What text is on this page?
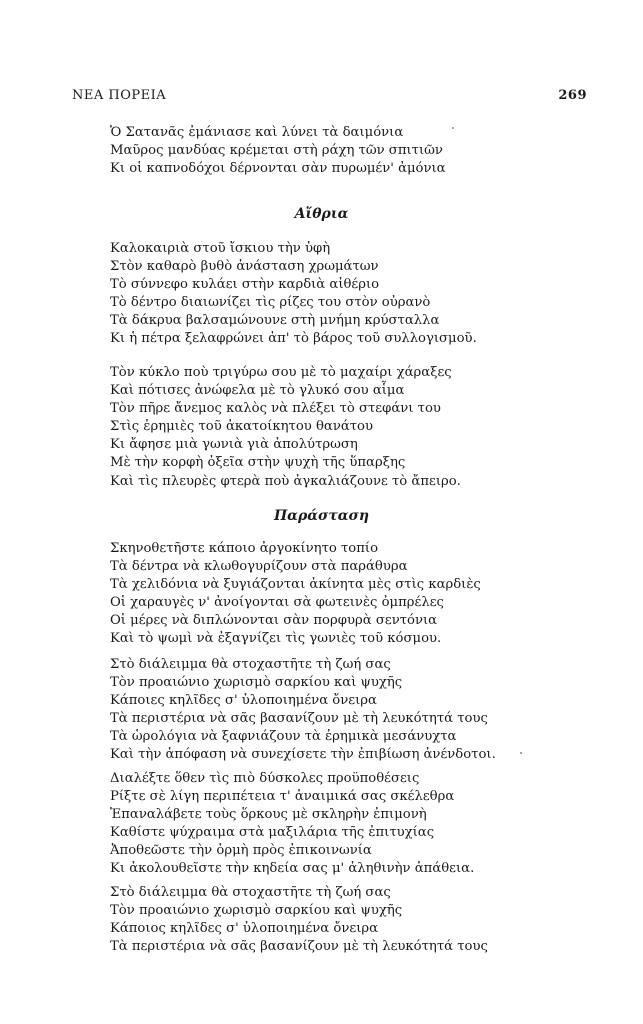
ΝΕΑ ΠΟΡΕΙΑ	269
Ὁ Σατανᾶς ἐμάνιασε καὶ λύνει τὰ δαιμόνια
Μαῦρος μανδύας κρέμεται στὴ ράχη τῶν σπιτιῶν
Κι οἱ καπνοδόχοι δέρνονται σὰν πυρωμέν' ἀμόνια
Αἴθρια
Καλοκαιριὰ στοῦ ἴσκιου τὴν ὑφὴ
Στὸν καθαρὸ βυθὸ ἀνάσταση χρωμάτων
Τὸ σύννεφο κυλάει στὴν καρδιὰ αἰθέριο
Τὸ δέντρο διαιωνίζει τὶς ρίζες του στὸν οὐρανὸ
Τὰ δάκρυα βαλσαμώνουνε στὴ μνήμη κρύσταλλα
Κι ἡ πέτρα ξελαφρώνει ἀπ' τὸ βάρος τοῦ συλλογισμοῦ.
Τὸν κύκλο ποὺ τριγύρω σου μὲ τὸ μαχαίρι χάραξες
Καὶ πότισες ἀνώφελα μὲ τὸ γλυκό σου αἷμα
Τὸν πῆρε ἄνεμος καλὸς νὰ πλέξει τὸ στεφάνι του
Στὶς ἐρημιὲς τοῦ ἀκατοίκητου θανάτου
Κι ἄφησε μιὰ γωνιὰ γιὰ ἀπολύτρωση
Μὲ τὴν κορφὴ ὀξεῖα στὴν ψυχὴ τῆς ὕπαρξης
Καὶ τὶς πλευρὲς φτερὰ ποὺ ἀγκαλιάζουνε τὸ ἄπειρο.
Παράσταση
Σκηνοθετῆστε κάποιο ἀργοκίνητο τοπίο
Τὰ δέντρα νὰ κλωθογυρίζουν στὰ παράθυρα
Τὰ χελιδόνια νὰ ξυγιάζονται ἀκίνητα μὲς στὶς καρδιὲς
Οἱ χαραυγὲς ν' ἀνοίγονται σὰ φωτεινὲς ὀμπρέλες
Οἱ μέρες νὰ διπλώνονται σὰν πορφυρὰ σεντόνια
Καὶ τὸ ψωμὶ νὰ ἐξαγνίζει τὶς γωνιὲς τοῦ κόσμου.
Στὸ διάλειμμα θὰ στοχαστῆτε τὴ ζωή σας
Τὸν προαιώνιο χωρισμὸ σαρκίου καὶ ψυχῆς
Κάποιες κηλῖδες σ' ὑλοποιημένα ὄνειρα
Τὰ περιστέρια νὰ σᾶς βασανίζουν μὲ τὴ λευκότητά τους
Τὰ ὡρολόγια νὰ ξαφνιάζουν τὰ ἐρημικὰ μεσάνυχτα
Καὶ τὴν ἀπόφαση νὰ συνεχίσετε τὴν ἐπιβίωση ἀνένδοτοι.
Διαλέξτε ὅθεν τὶς πιὸ δύσκολες προϋποθέσεις
Ρίξτε σὲ λίγη περιπέτεια τ' ἀναιμικά σας σκέλεθρα
Ἐπαναλάβετε τοὺς ὅρκους μὲ σκληρὴν ἐπιμονὴ
Καθίστε ψύχραιμα στὰ μαξιλάρια τῆς ἐπιτυχίας
Ἀποθεῶστε τὴν ὁρμὴ πρὸς ἐπικοινωνία
Κι ἀκολουθεῖστε τὴν κηδεία σας μ' ἀληθινὴν ἀπάθεια.
Στὸ διάλειμμα θὰ στοχαστῆτε τὴ ζωή σας
Τὸν προαιώνιο χωρισμὸ σαρκίου καὶ ψυχῆς
Κάποιος κηλῖδες σ' ὑλοποιημένα ὄνειρα
Τὰ περιστέρια νὰ σᾶς βασανίζουν μὲ τὴ λευκότητά τους
